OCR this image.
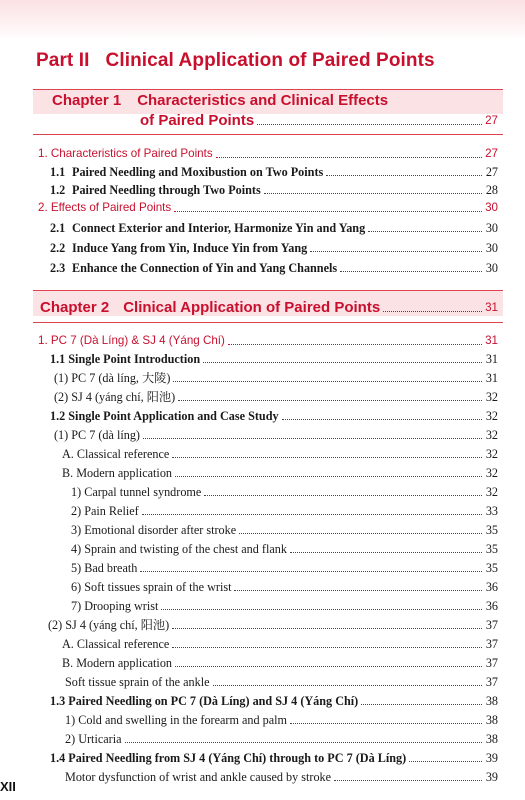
Part II Clinical Application of Paired Points
Chapter 1 Characteristics and Clinical Effects
of Paired Points	27
1. Characteristics of Paired Points	27
1.1 Paired Needling and Moxibustion on Two Points	27
1.2 Paired Needling through Two Points	28
2. Effects of Paired Points	30
2.1 Connect Exterior and Interior, Harmonize Yin and Yang	30
2.2 Induce Yang from Yin, Induce Yin from Yang	30
2.3 Enhance the Connection of Yin and Yang Channels	30
Chapter 2 Clinical Application of Paired Points	31
1. PC 7 (Dà Líng) & SJ 4 (Yáng Chí)	31
1.1 Single Point Introduction	31
(1) PC 7 (dà líng, 大陵)	31
(2) SJ 4 (yáng chí, 阳池)	32
1.2 Single Point Application and Case Study	32
(1) PC 7 (dà líng)	32
A. Classical reference	32
B. Modern application	32
1) Carpal tunnel syndrome	32
2) Pain Relief	33
3) Emotional disorder after stroke	35
4) Sprain and twisting of the chest and flank	35
5) Bad breath	35
6) Soft tissues sprain of the wrist	36
7) Drooping wrist	36
(2) SJ 4 (yáng chí, 阳池)	37
A. Classical reference	37
B. Modern application	37
Soft tissue sprain of the ankle	37
1.3 Paired Needling on PC 7 (Dà Líng) and SJ 4 (Yáng Chí)	38
1) Cold and swelling in the forearm and palm	38
2) Urticaria	38
1.4 Paired Needling from SJ 4 (Yáng Chí) through to PC 7 (Dà Líng)	39
Motor dysfunction of wrist and ankle caused by stroke	39
XII
